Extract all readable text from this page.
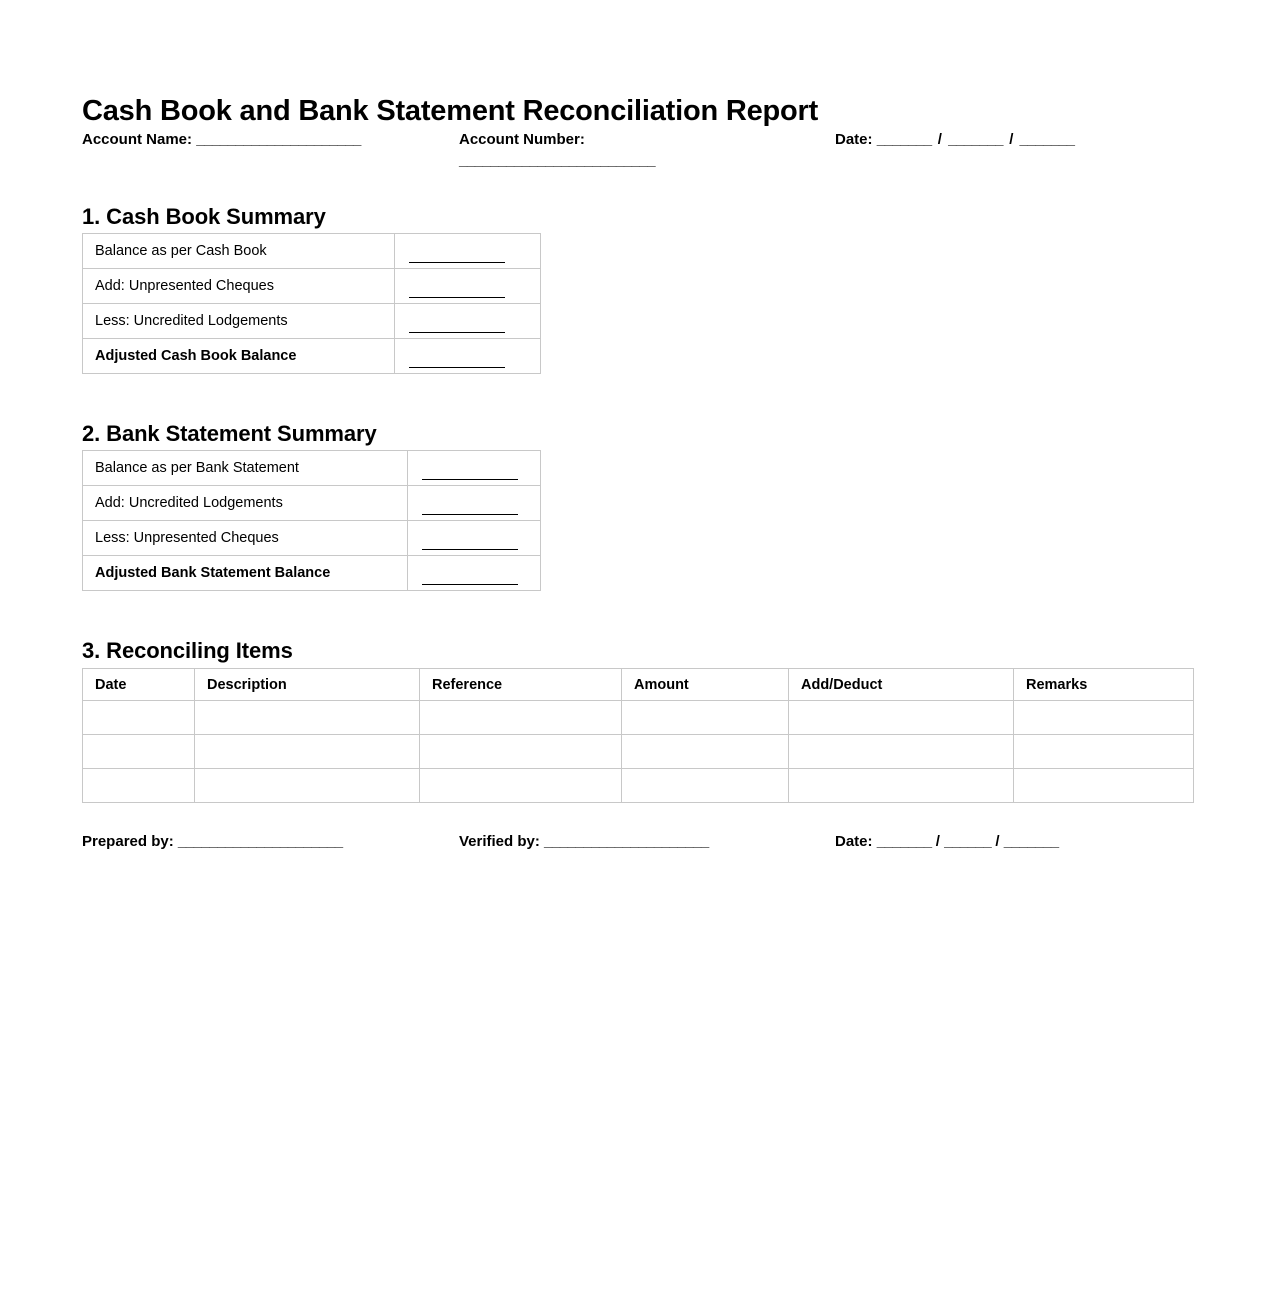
Cash Book and Bank Statement Reconciliation Report
Account Name: _____________________	Account Number:
_________________________
Date: _______ / _______ / _______
1. Cash Book Summary
Balance as per Cash Book	

Add: Unpresented Cheques	

Less: Uncredited Lodgements	

Adjusted Cash Book Balance	
2. Bank Statement Summary
Balance as per Bank Statement	

Add: Uncredited Lodgements	

Less: Unpresented Cheques	

Adjusted Bank Statement Balance	
3. Reconciling Items
Date	Description	Reference	Amount	Add/Deduct	Remarks

Prepared by: _____________________	Verified by: _____________________	Date: _______ / ______ / _______
